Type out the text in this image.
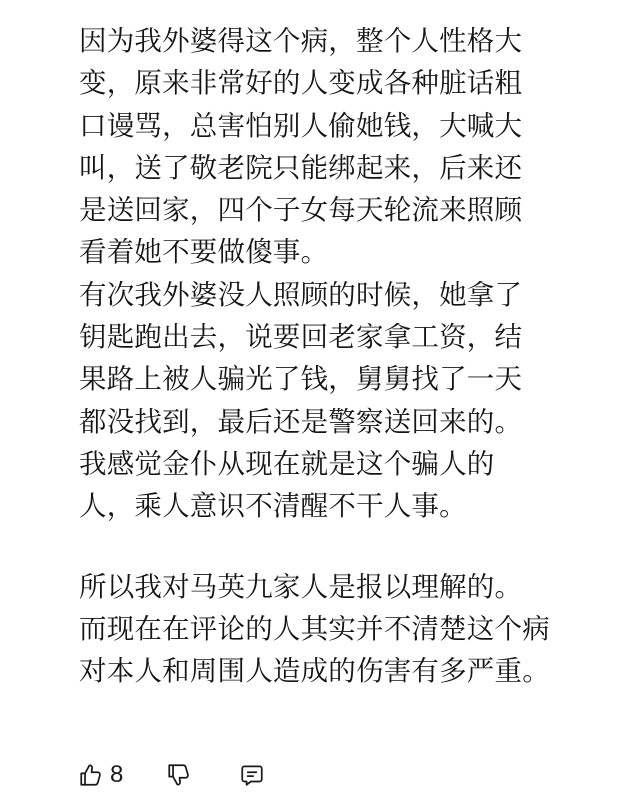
因为我外婆得这个病，整个人性格大
变，原来非常好的人变成各种脏话粗
口谩骂，总害怕别人偷她钱，大喊大
叫，送了敬老院只能绑起来，后来还
是送回家，四个子女每天轮流来照顾
看着她不要做傻事。
有次我外婆没人照顾的时候，她拿了
钥匙跑出去，说要回老家拿工资，结
果路上被人骗光了钱，舅舅找了一天
都没找到，最后还是警察送回来的。
我感觉金仆从现在就是这个骗人的
人，乘人意识不清醒不干人事。
所以我对马英九家人是报以理解的。
而现在在评论的人其实并不清楚这个病
对本人和周围人造成的伤害有多严重。
8
